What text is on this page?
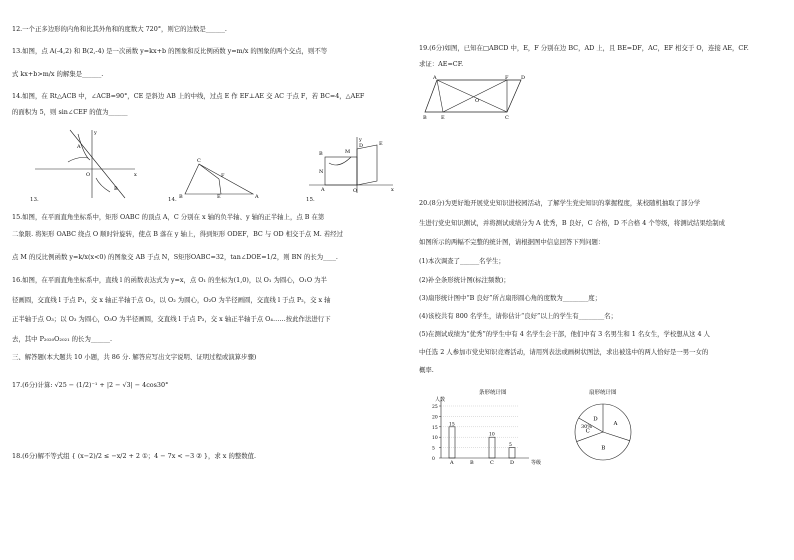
12.一个正多边形的内角和比其外角和的度数大 720°，则它的边数是______.
13.如图，点 A(-4,2) 和 B(2,-4) 是一次函数 y=kx+b 的图象和反比例函数 y=m/x 的图象的两个交点，则不等
式 kx+b>m/x 的解集是______.
14.如图，在 Rt△ACB 中，∠ACB=90°，CE 是斜边 AB 上的中线，过点 E 作 EF⊥AE 交 AC 于点 F，若 BC=4，△AEF
的面积为 5，则 sin∠CEF 的值为______
x
y
O
A
B
13.
C
B	A
F
E
14.
x
y
O
A
B	M
D	E
N
15.
15.如图，在平面直角坐标系中，矩形 OABC 的顶点 A，C 分别在 x 轴的负半轴、y 轴的正半轴上，点 B 在第
二象限. 将矩形 OABC 绕点 O 顺时针旋转，使点 B 落在 y 轴上，得到矩形 ODEF，BC 与 OD 相交于点 M. 若经过
点 M 的反比例函数 y=k/x(x<0) 的图象交 AB 于点 N，S矩形OABC=32，tan∠DOE=1/2，则 BN 的长为____.
16.如图，在平面直角坐标系中，直线 l 的函数表达式为 y=x，点 O₁ 的坐标为(1,0)，以 O₁ 为圆心，O₁O 为半
径画圆，交直线 l 于点 P₁，交 x 轴正半轴于点 O₂，以 O₂ 为圆心，O₂O 为半径画圆，交直线 l 于点 P₂，交 x 轴
正半轴于点 O₃；以 O₃ 为圆心，O₃O 为半径画圆，交直线 l 于点 P₃，交 x 轴正半轴于点 O₄……按此作法进行下
去，其中 P₂₀₂₀O₂₀₂₁ 的长为______.
三、解答题(本大题共 10 小题，共 86 分. 解答应写出文字说明、证明过程或演算步骤)
17.(6分)计算: √25 − (1/2)⁻¹ + |2 − √3| − 4cos30°
18.(6分)解不等式组 { (x−2)/2 ≤ −x/2 + 2 ①；4 − 7x < −3 ② }，求 x 的整数值.
19.(6分)如图，已知在□ABCD 中，E，F 分别在边 BC，AD 上，且 BE=DF，AC，EF 相交于 O，连接 AE，CF.
求证：AE=CF.
A	F	D
B	E	C
O
20.(8分)为更好地开展党史知识进校园活动，了解学生党史知识的掌握程度，某校随机抽取了部分学
生进行党史知识测试，并将测试成绩分为 A 优秀，B 良好，C 合格，D 不合格 4 个等级，将测试结果绘制成
如图所示的两幅不完整的统计图，请根据图中信息回答下列问题：
(1)本次调查了______名学生；
(2)补全条形统计图(标注频数)；
(3)扇形统计图中“B 良好”所占扇形圆心角的度数为________度；
(4)该校共有 800 名学生，请你估计“良好”以上的学生有________名；
(5)在测试成绩为“优秀”的学生中有 4 名学生会干部，他们中有 3 名男生和 1 名女生，学校想从这 4 人
中任选 2 人参加市党史知识竞赛活动，请用列表法或画树状图法，求出被选中的两人恰好是一男一女的
概率.
条形统计图
人数
等级
0
5
10
15
20
25
15
A	B
10
C
5
D
扇形统计图
A
B
C
D
30%
